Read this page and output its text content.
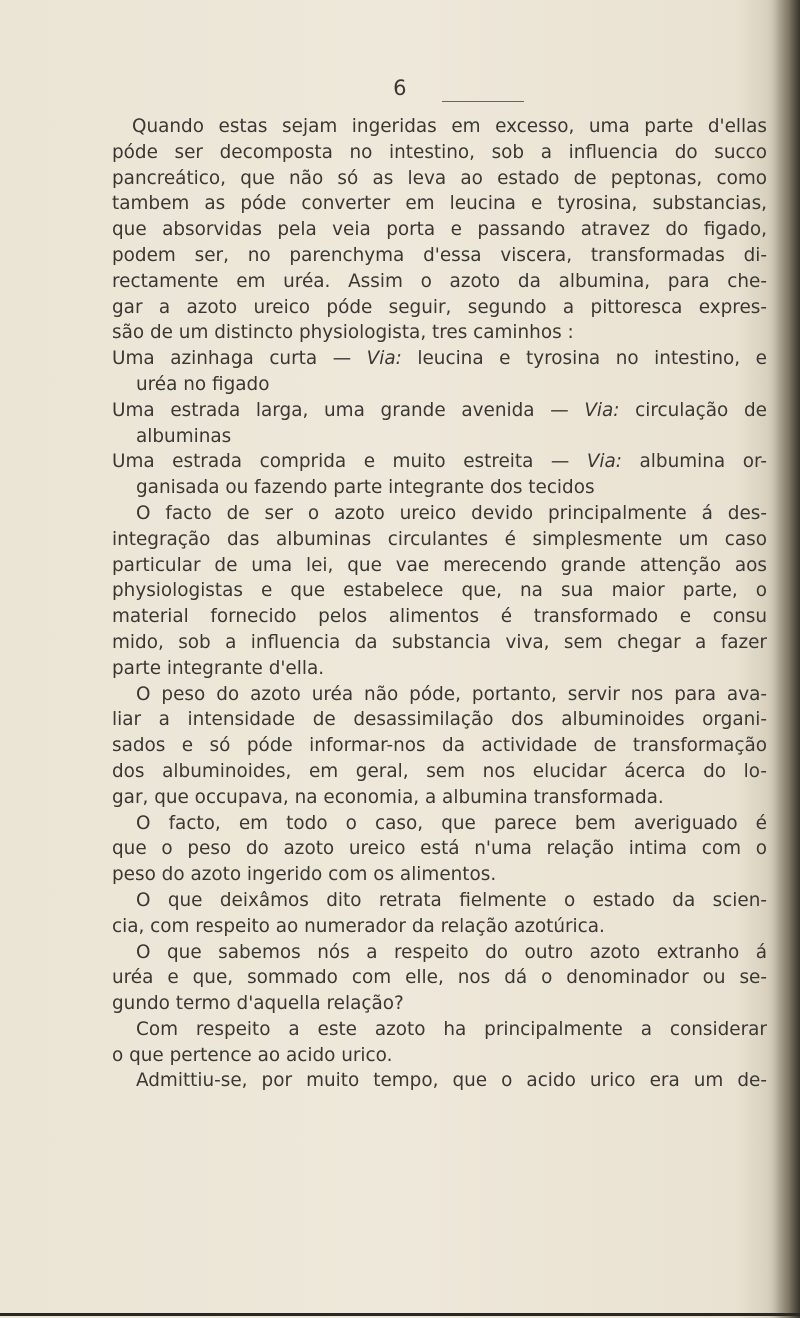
6
Quando estas sejam ingeridas em excesso, uma parte d'ellas
póde ser decomposta no intestino, sob a influencia do succo
pancreático, que não só as leva ao estado de peptonas, como
tambem as póde converter em leucina e tyrosina, substancias,
que absorvidas pela veia porta e passando atravez do figado,
podem ser, no parenchyma d'essa viscera, transformadas di-
rectamente em uréa. Assim o azoto da albumina, para che-
gar a azoto ureico póde seguir, segundo a pittoresca expres-
são de um distincto physiologista, tres caminhos :
Uma azinhaga curta — Via: leucina e tyrosina no intestino, e
uréa no figado
Uma estrada larga, uma grande avenida — Via: circulação de
albuminas
Uma estrada comprida e muito estreita — Via: albumina or-
ganisada ou fazendo parte integrante dos tecidos
O facto de ser o azoto ureico devido principalmente á des-
integração das albuminas circulantes é simplesmente um caso
particular de uma lei, que vae merecendo grande attenção aos
physiologistas e que estabelece que, na sua maior parte, o
material fornecido pelos alimentos é transformado e consu
mido, sob a influencia da substancia viva, sem chegar a fazer
parte integrante d'ella.
O peso do azoto uréa não póde, portanto, servir nos para ava-
liar a intensidade de desassimilação dos albuminoides organi-
sados e só póde informar-nos da actividade de transformação
dos albuminoides, em geral, sem nos elucidar ácerca do lo-
gar, que occupava, na economia, a albumina transformada.
O facto, em todo o caso, que parece bem averiguado é
que o peso do azoto ureico está n'uma relação intima com o
peso do azoto ingerido com os alimentos.
O que deixâmos dito retrata fielmente o estado da scien-
cia, com respeito ao numerador da relação azotúrica.
O que sabemos nós a respeito do outro azoto extranho á
uréa e que, sommado com elle, nos dá o denominador ou se-
gundo termo d'aquella relação?
Com respeito a este azoto ha principalmente a considerar
o que pertence ao acido urico.
Admittiu-se, por muito tempo, que o acido urico era um de-
